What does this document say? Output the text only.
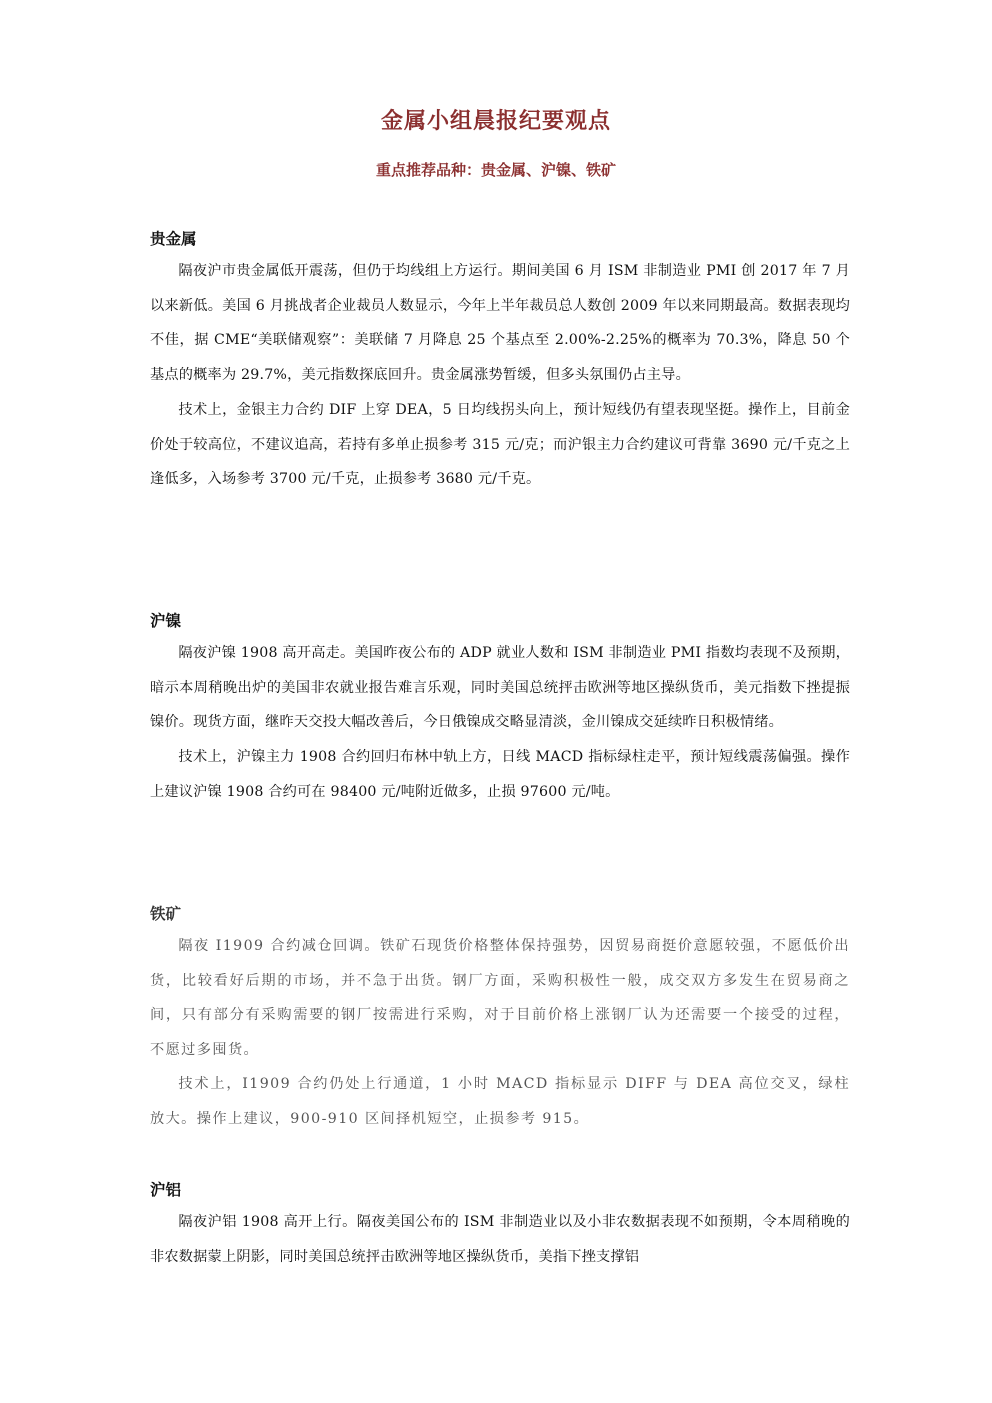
金属小组晨报纪要观点
重点推荐品种：贵金属、沪镍、铁矿
贵金属

隔夜沪市贵金属低开震荡，但仍于均线组上方运行。期间美国 6 月 ISM 非制造业 PMI 创 2017 年 7 月以来新低。美国 6 月挑战者企业裁员人数显示，今年上半年裁员总人数创 2009 年以来同期最高。数据表现均不佳，据 CME“美联储观察”：美联储 7 月降息 25 个基点至 2.00%-2.25%的概率为 70.3%，降息 50 个基点的概率为 29.7%，美元指数探底回升。贵金属涨势暂缓，但多头氛围仍占主导。

技术上，金银主力合约 DIF 上穿 DEA，5 日均线拐头向上，预计短线仍有望表现坚挺。操作上，目前金价处于较高位，不建议追高，若持有多单止损参考 315 元/克；而沪银主力合约建议可背靠 3690 元/千克之上逢低多，入场参考 3700 元/千克，止损参考 3680 元/千克。

沪镍

隔夜沪镍 1908 高开高走。美国昨夜公布的 ADP 就业人数和 ISM 非制造业 PMI 指数均表现不及预期，暗示本周稍晚出炉的美国非农就业报告难言乐观，同时美国总统抨击欧洲等地区操纵货币，美元指数下挫提振镍价。现货方面，继昨天交投大幅改善后，今日俄镍成交略显清淡，金川镍成交延续昨日积极情绪。

技术上，沪镍主力 1908 合约回归布林中轨上方，日线 MACD 指标绿柱走平，预计短线震荡偏强。操作上建议沪镍 1908 合约可在 98400 元/吨附近做多，止损 97600 元/吨。

铁矿

隔夜 I1909 合约减仓回调。铁矿石现货价格整体保持强势，因贸易商挺价意愿较强，不愿低价出货，比较看好后期的市场，并不急于出货。钢厂方面，采购积极性一般，成交双方多发生在贸易商之间，只有部分有采购需要的钢厂按需进行采购，对于目前价格上涨钢厂认为还需要一个接受的过程，不愿过多囤货。

技术上，I1909 合约仍处上行通道，1 小时 MACD 指标显示 DIFF 与 DEA 高位交叉，绿柱放大。操作上建议，900-910 区间择机短空，止损参考 915。

沪铝

隔夜沪铝 1908 高开上行。隔夜美国公布的 ISM 非制造业以及小非农数据表现不如预期，令本周稍晚的非农数据蒙上阴影，同时美国总统抨击欧洲等地区操纵货币，美指下挫支撑铝
